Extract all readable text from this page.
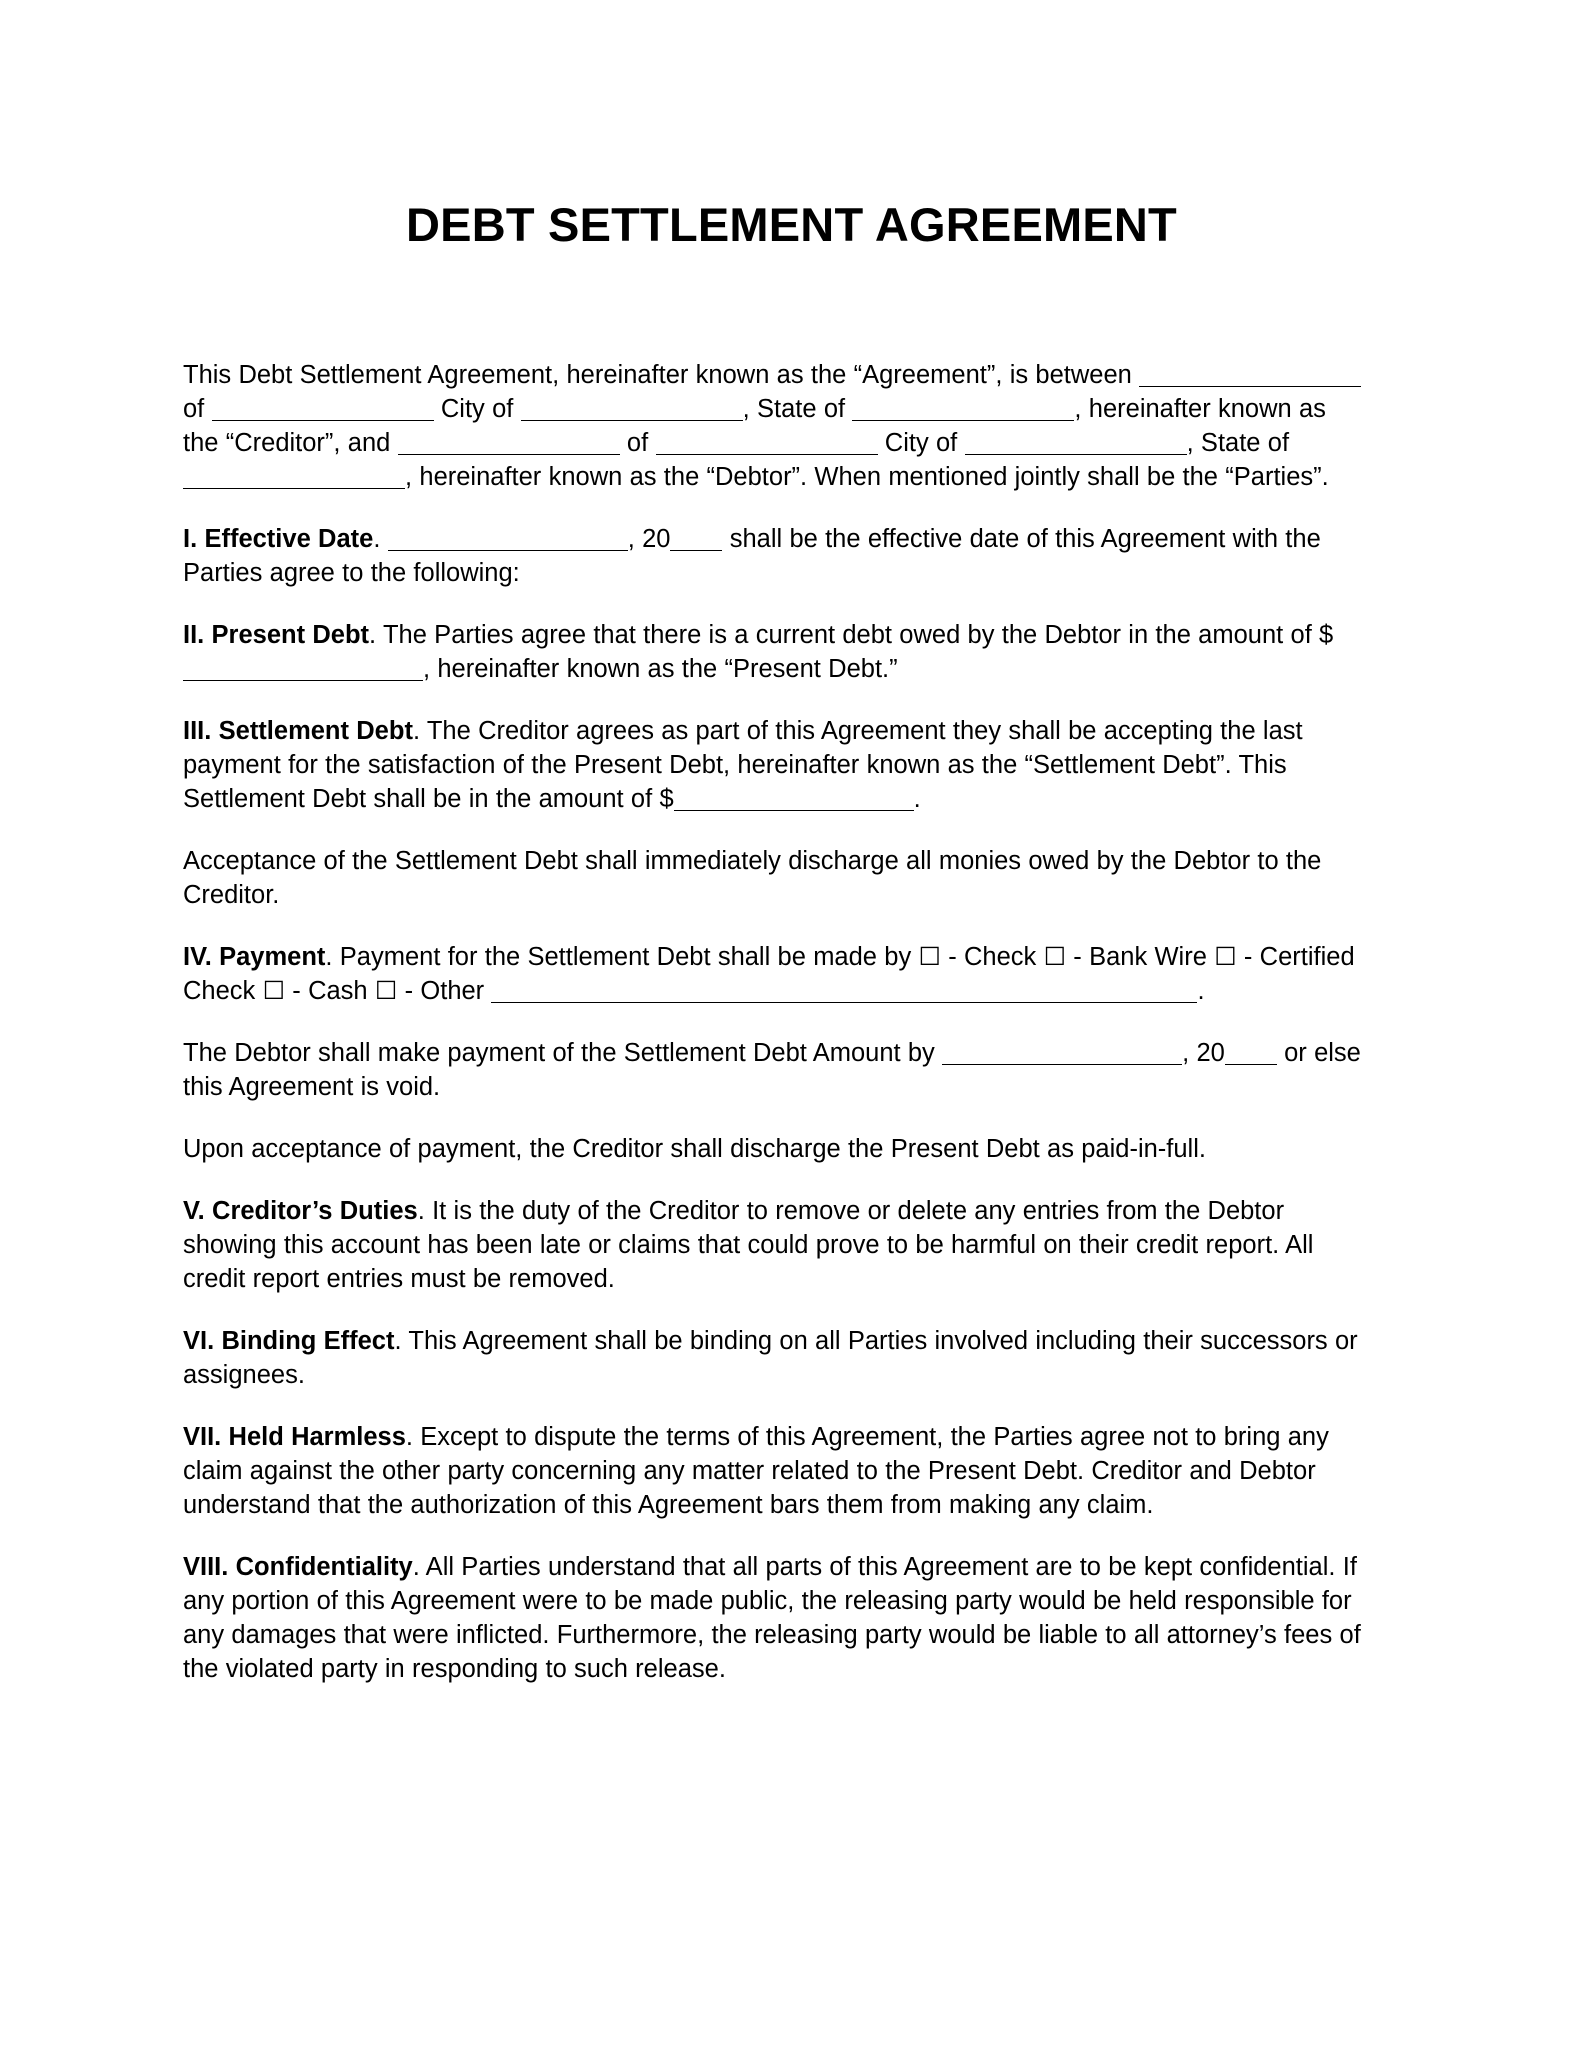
DEBT SETTLEMENT AGREEMENT

This Debt Settlement Agreement, hereinafter known as the “Agreement”, is between  of	City of	, State of	, hereinafter known as the “Creditor”, and	of	City of	, State of , hereinafter known as the “Debtor”. When mentioned jointly shall be the “Parties”.

I. Effective Date.	, 20 shall be the effective date of this Agreement with the Parties agree to the following:

II. Present Debt. The Parties agree that there is a current debt owed by the Debtor in the amount of $, hereinafter known as the “Present Debt.”

III. Settlement Debt. The Creditor agrees as part of this Agreement they shall be accepting the last payment for the satisfaction of the Present Debt, hereinafter known as the “Settlement Debt”. This Settlement Debt shall be in the amount of $	.

Acceptance of the Settlement Debt shall immediately discharge all monies owed by the Debtor to the Creditor.

IV. Payment. Payment for the Settlement Debt shall be made by ☐ - Check ☐ - Bank Wire ☐ - Certified Check ☐ - Cash ☐ - Other	.

The Debtor shall make payment of the Settlement Debt Amount by	, 20 or else this Agreement is void.

Upon acceptance of payment, the Creditor shall discharge the Present Debt as paid-in-full.

V. Creditor’s Duties. It is the duty of the Creditor to remove or delete any entries from the Debtor showing this account has been late or claims that could prove to be harmful on their credit report. All credit report entries must be removed.

VI. Binding Effect. This Agreement shall be binding on all Parties involved including their successors or assignees.

VII. Held Harmless. Except to dispute the terms of this Agreement, the Parties agree not to bring any claim against the other party concerning any matter related to the Present Debt. Creditor and Debtor understand that the authorization of this Agreement bars them from making any claim.

VIII. Confidentiality. All Parties understand that all parts of this Agreement are to be kept confidential. If any portion of this Agreement were to be made public, the releasing party would be held responsible for any damages that were inflicted. Furthermore, the releasing party would be liable to all attorney’s fees of the violated party in responding to such release.
